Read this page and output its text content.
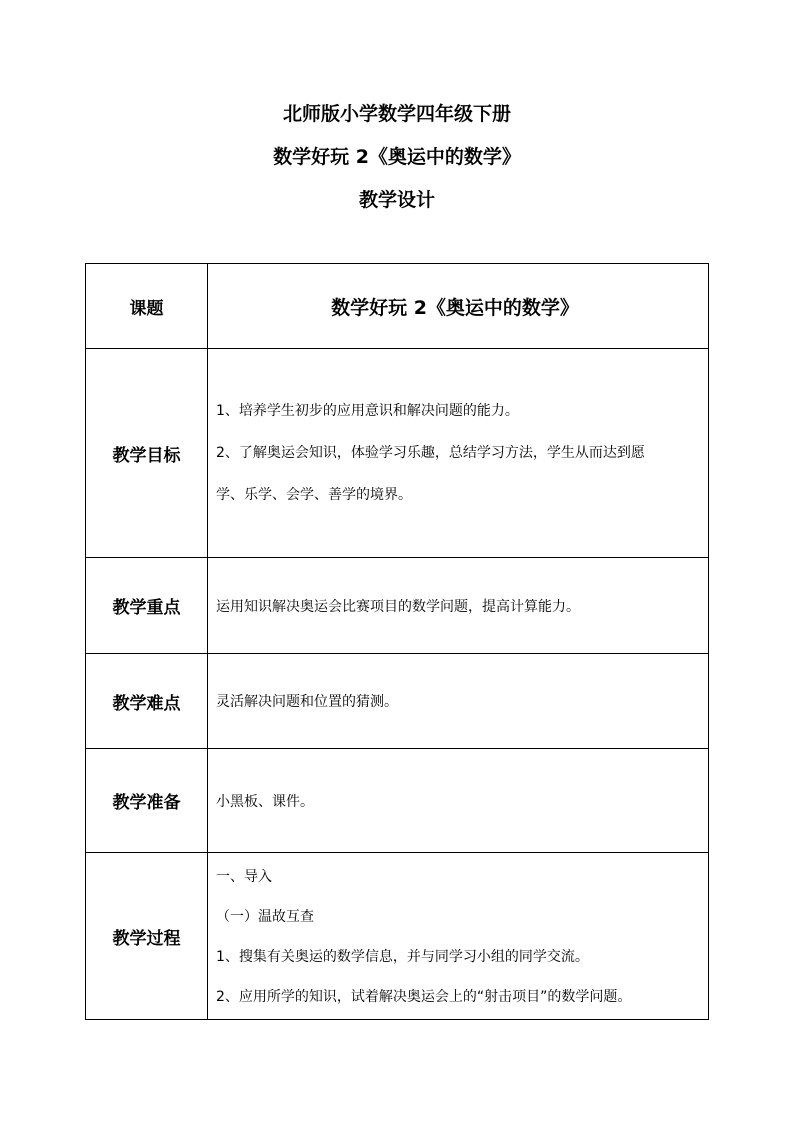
北师版小学数学四年级下册
数学好玩 2《奥运中的数学》
教学设计
课题	数学好玩 2《奥运中的数学》
教学目标	1、培养学生初步的应用意识和解决问题的能力。

2、了解奥运会知识，体验学习乐趣，总结学习方法，学生从而达到愿

学、乐学、会学、善学的境界。

教学重点	运用知识解决奥运会比赛项目的数学问题，提高计算能力。
教学难点	灵活解决问题和位置的猜测。
教学准备	小黑板、课件。
教学过程	一、导入

（一）温故互查

1、搜集有关奥运的数学信息，并与同学习小组的同学交流。

2、应用所学的知识，试着解决奥运会上的“射击项目”的数学问题。
